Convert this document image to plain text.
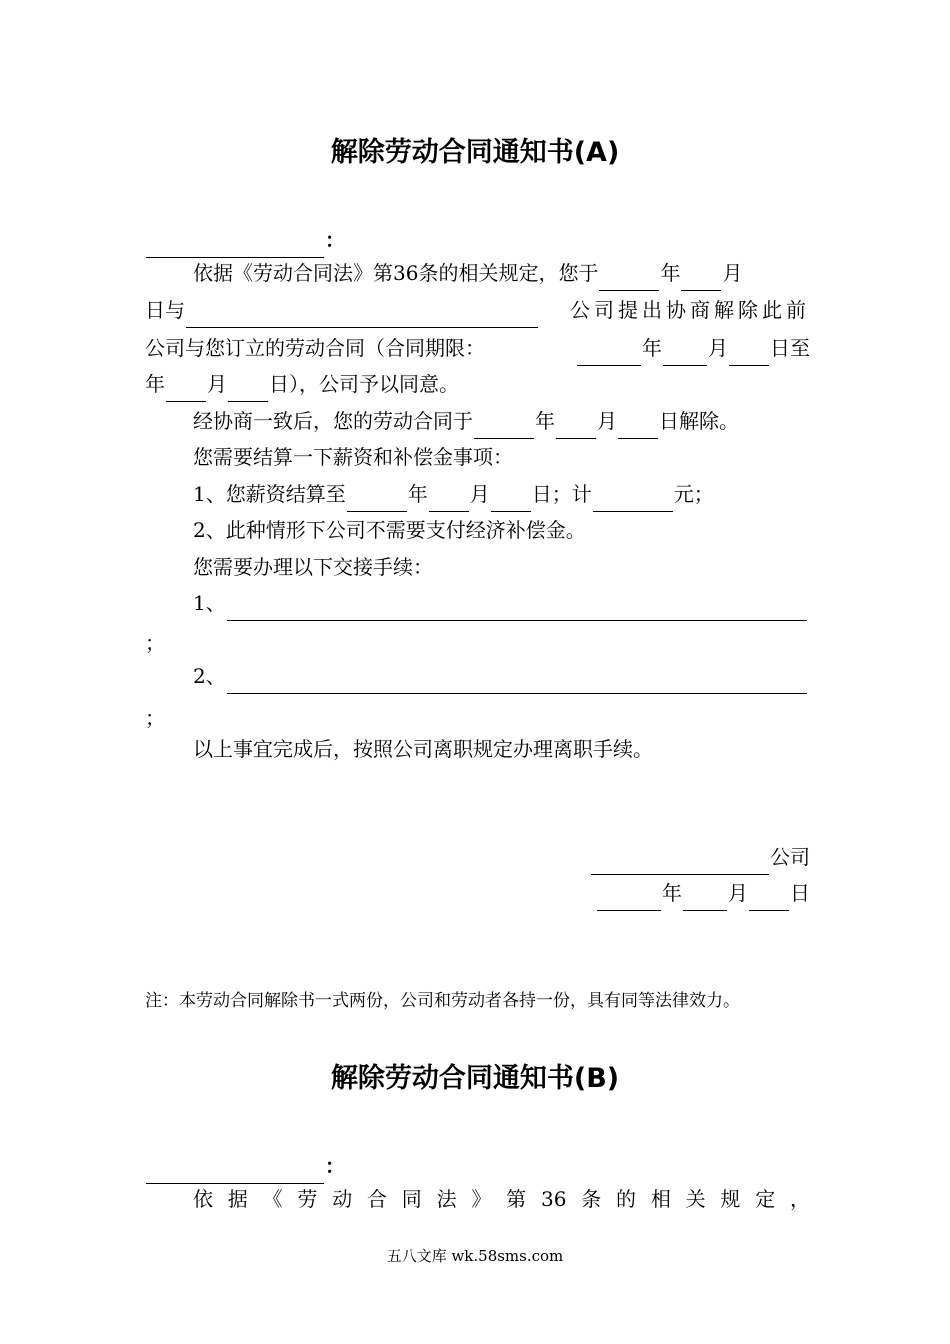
解除劳动合同通知书(A)
：
依据《劳动合同法》第36条的相关规定，您于	年 月
日与	公司提出协商解除此前
公司与您订立的劳动合同（合同期限：	年 月 日至
年 月 日），公司予以同意。
经协商一致后，您的劳动合同于	年 月 日解除。
您需要结算一下薪资和补偿金事项：
1、您薪资结算至	年 月 日；计	元；
2、此种情形下公司不需要支付经济补偿金。
您需要办理以下交接手续：
1、
；
2、
；
以上事宜完成后，按照公司离职规定办理离职手续。
公司
年 月 日
注：本劳动合同解除书一式两份，公司和劳动者各持一份，具有同等法律效力。
解除劳动合同通知书(B)
：
依 据 《 劳 动 合 同 法 》 第 36 条 的 相 关 规 定 ，
五八文库 wk.58sms.com
